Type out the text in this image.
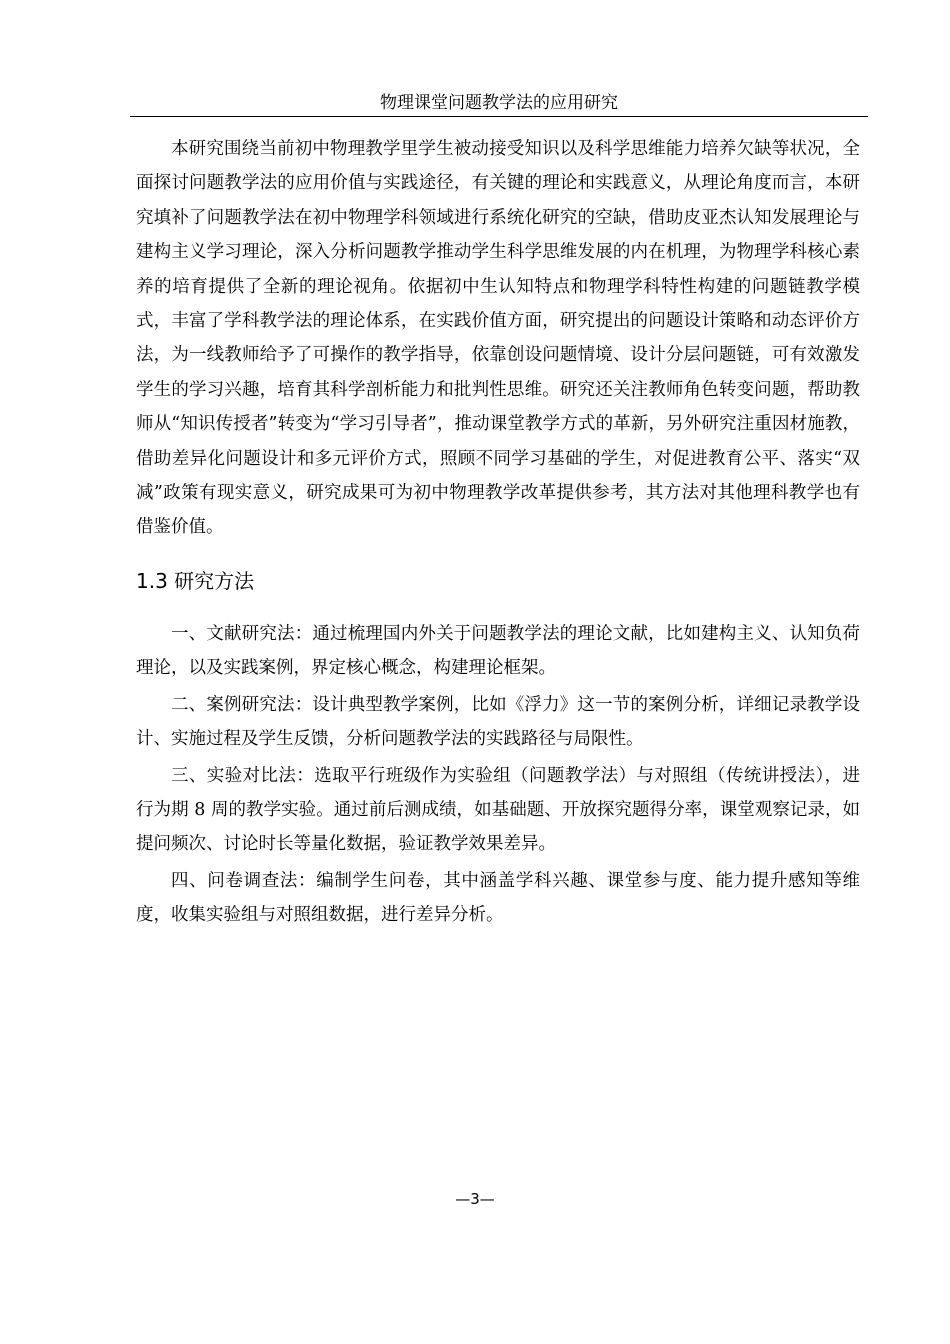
物理课堂问题教学法的应用研究

本研究围绕当前初中物理教学里学生被动接受知识以及科学思维能力培养欠缺等状况，全面探讨问题教学法的应用价值与实践途径，有关键的理论和实践意义，从理论角度而言，本研究填补了问题教学法在初中物理学科领域进行系统化研究的空缺，借助皮亚杰认知发展理论与建构主义学习理论，深入分析问题教学推动学生科学思维发展的内在机理，为物理学科核心素养的培育提供了全新的理论视角。依据初中生认知特点和物理学科特性构建的问题链教学模式，丰富了学科教学法的理论体系，在实践价值方面，研究提出的问题设计策略和动态评价方法，为一线教师给予了可操作的教学指导，依靠创设问题情境、设计分层问题链，可有效激发学生的学习兴趣，培育其科学剖析能力和批判性思维。研究还关注教师角色转变问题，帮助教师从“知识传授者”转变为“学习引导者”，推动课堂教学方式的革新，另外研究注重因材施教，借助差异化问题设计和多元评价方式，照顾不同学习基础的学生，对促进教育公平、落实“双减”政策有现实意义，研究成果可为初中物理教学改革提供参考，其方法对其他理科教学也有借鉴价值。

1.3 研究方法

一、文献研究法：通过梳理国内外关于问题教学法的理论文献，比如建构主义、认知负荷理论，以及实践案例，界定核心概念，构建理论框架。

二、案例研究法：设计典型教学案例，比如《浮力》这一节的案例分析，详细记录教学设计、实施过程及学生反馈，分析问题教学法的实践路径与局限性。

三、实验对比法：选取平行班级作为实验组（问题教学法）与对照组（传统讲授法），进行为期 8 周的教学实验。通过前后测成绩，如基础题、开放探究题得分率，课堂观察记录，如提问频次、讨论时长等量化数据，验证教学效果差异。

四、问卷调查法：编制学生问卷，其中涵盖学科兴趣、课堂参与度、能力提升感知等维度，收集实验组与对照组数据，进行差异分析。

—3—
